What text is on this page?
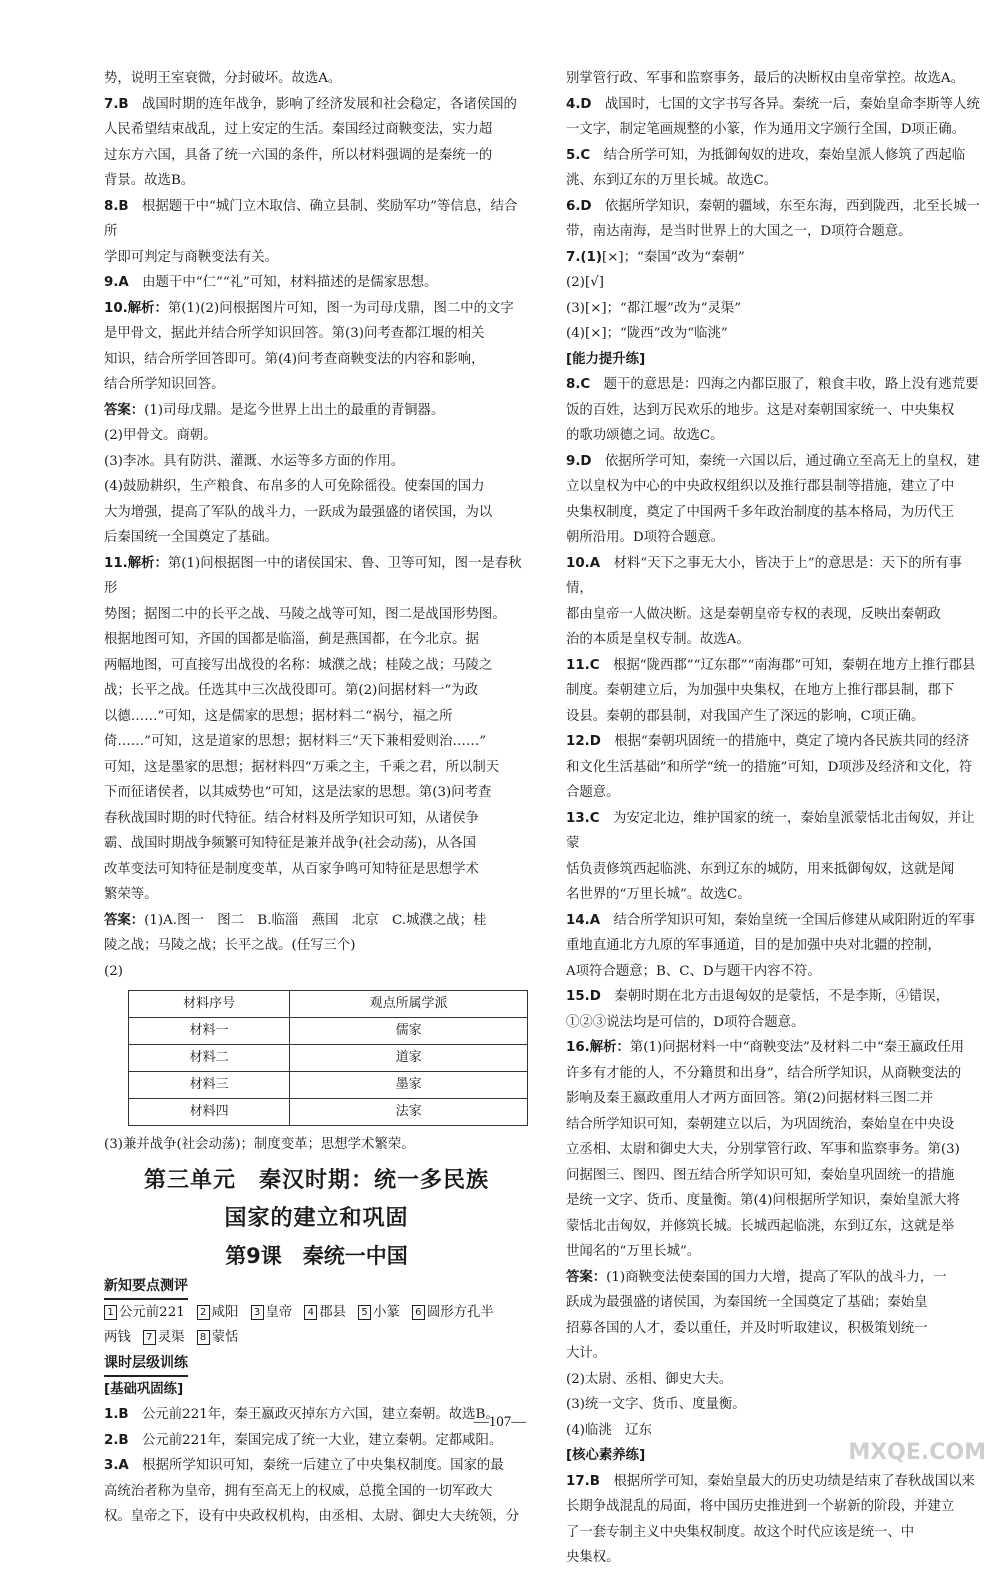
势，说明王室衰微，分封破坏。故选A。

7.B　战国时期的连年战争，影响了经济发展和社会稳定，各诸侯国的

人民希望结束战乱，过上安定的生活。秦国经过商鞅变法，实力超

过东方六国，具备了统一六国的条件，所以材料强调的是秦统一的

背景。故选B。

8.B　根据题干中“城门立木取信、确立县制、奖励军功”等信息，结合所

学即可判定与商鞅变法有关。

9.A　由题干中“仁”“礼”可知，材料描述的是儒家思想。

10.解析：第(1)(2)问根据图片可知，图一为司母戊鼎，图二中的文字

是甲骨文，据此并结合所学知识回答。第(3)问考查都江堰的相关

知识，结合所学回答即可。第(4)问考查商鞅变法的内容和影响，

结合所学知识回答。

答案：(1)司母戊鼎。是迄今世界上出土的最重的青铜器。

(2)甲骨文。商朝。

(3)李冰。具有防洪、灌溉、水运等多方面的作用。

(4)鼓励耕织，生产粮食、布帛多的人可免除徭役。使秦国的国力

大为增强，提高了军队的战斗力，一跃成为最强盛的诸侯国，为以

后秦国统一全国奠定了基础。

11.解析：第(1)问根据图一中的诸侯国宋、鲁、卫等可知，图一是春秋形

势图；据图二中的长平之战、马陵之战等可知，图二是战国形势图。

根据地图可知，齐国的国都是临淄，蓟是燕国都，在今北京。据

两幅地图，可直接写出战役的名称：城濮之战；桂陵之战；马陵之

战；长平之战。任选其中三次战役即可。第(2)问据材料一“为政

以德……”可知，这是儒家的思想；据材料二“祸兮，福之所

倚……”可知，这是道家的思想；据材料三“天下兼相爱则治……”

可知，这是墨家的思想；据材料四“万乘之主，千乘之君，所以制天

下而征诸侯者，以其威势也”可知，这是法家的思想。第(3)问考查

春秋战国时期的时代特征。结合材料及所学知识可知，从诸侯争

霸、战国时期战争频繁可知特征是兼并战争(社会动荡)，从各国

改革变法可知特征是制度变革，从百家争鸣可知特征是思想学术

繁荣等。

答案：(1)A.图一　图二　B.临淄　燕国　北京　C.城濮之战；桂

陵之战；马陵之战；长平之战。(任写三个)

(2)

材料序号	观点所属学派
材料一	儒家
材料二	道家
材料三	墨家
材料四	法家

(3)兼并战争(社会动荡)；制度变革；思想学术繁荣。

第三单元　秦汉时期：统一多民族
国家的建立和巩固
第9课　秦统一中国
新知要点测评
1 公元前221 2 咸阳 3 皇帝 4 郡县 5 小篆 6 圆形方孔半
两钱 7 灵渠 8 蒙恬
课时层级训练
[基础巩固练]

1.B　公元前221年，秦王嬴政灭掉东方六国，建立秦朝。故选B。

2.B　公元前221年，秦国完成了统一大业，建立秦朝。定都咸阳。

3.A　根据所学知识可知，秦统一后建立了中央集权制度。国家的最

高统治者称为皇帝，拥有至高无上的权威，总揽全国的一切军政大

权。皇帝之下，设有中央政权机构，由丞相、太尉、御史大夫统领，分

别掌管行政、军事和监察事务，最后的决断权由皇帝掌控。故选A。

4.D　战国时，七国的文字书写各异。秦统一后，秦始皇命李斯等人统

一文字，制定笔画规整的小篆，作为通用文字颁行全国，D项正确。

5.C　结合所学可知，为抵御匈奴的进攻，秦始皇派人修筑了西起临

洮、东到辽东的万里长城。故选C。

6.D　依据所学知识，秦朝的疆域，东至东海，西到陇西，北至长城一

带，南达南海，是当时世界上的大国之一，D项符合题意。

7.(1)[×]；“秦国”改为“秦朝”

(2)[√]

(3)[×]；“都江堰”改为“灵渠”

(4)[×]；“陇西”改为“临洮”

[能力提升练]

8.C　题干的意思是：四海之内都臣服了，粮食丰收，路上没有逃荒要

饭的百姓，达到万民欢乐的地步。这是对秦朝国家统一、中央集权

的歌功颂德之词。故选C。

9.D　依据所学可知，秦统一六国以后，通过确立至高无上的皇权，建

立以皇权为中心的中央政权组织以及推行郡县制等措施，建立了中

央集权制度，奠定了中国两千多年政治制度的基本格局，为历代王

朝所沿用。D项符合题意。

10.A　材料“天下之事无大小，皆决于上”的意思是：天下的所有事情，

都由皇帝一人做决断。这是秦朝皇帝专权的表现，反映出秦朝政

治的本质是皇权专制。故选A。

11.C　根据“陇西郡”“辽东郡”“南海郡”可知，秦朝在地方上推行郡县

制度。秦朝建立后，为加强中央集权，在地方上推行郡县制，郡下

设县。秦朝的郡县制，对我国产生了深远的影响，C项正确。

12.D　根据“秦朝巩固统一的措施中，奠定了境内各民族共同的经济

和文化生活基础”和所学“统一的措施”可知，D项涉及经济和文化，符

合题意。

13.C　为安定北边，维护国家的统一，秦始皇派蒙恬北击匈奴，并让蒙

恬负责修筑西起临洮、东到辽东的城防，用来抵御匈奴，这就是闻

名世界的“万里长城”。故选C。

14.A　结合所学知识可知，秦始皇统一全国后修建从咸阳附近的军事

重地直通北方九原的军事通道，目的是加强中央对北疆的控制，

A项符合题意；B、C、D与题干内容不符。

15.D　秦朝时期在北方击退匈奴的是蒙恬，不是李斯，④错误，

①②③说法均是可信的，D项符合题意。

16.解析：第(1)问据材料一中“商鞅变法”及材料二中“秦王嬴政任用

许多有才能的人，不分籍贯和出身”，结合所学知识，从商鞅变法的

影响及秦王嬴政重用人才两方面回答。第(2)问据材料三图二并

结合所学知识可知，秦朝建立以后，为巩固统治，秦始皇在中央设

立丞相、太尉和御史大夫，分别掌管行政、军事和监察事务。第(3)

问据图三、图四、图五结合所学知识可知，秦始皇巩固统一的措施

是统一文字、货币、度量衡。第(4)问根据所学知识，秦始皇派大将

蒙恬北击匈奴，并修筑长城。长城西起临洮，东到辽东，这就是举

世闻名的“万里长城”。

答案：(1)商鞅变法使秦国的国力大增，提高了军队的战斗力，一

跃成为最强盛的诸侯国，为秦国统一全国奠定了基础；秦始皇

招募各国的人才，委以重任，并及时听取建议，积极策划统一

大计。

(2)太尉、丞相、御史大夫。

(3)统一文字、货币、度量衡。

(4)临洮　辽东

[核心素养练]

17.B　根据所学可知，秦始皇最大的历史功绩是结束了春秋战国以来

长期争战混乱的局面，将中国历史推进到一个崭新的阶段，并建立

了一套专制主义中央集权制度。故这个时代应该是统一、中

央集权。

—107—
MXQE.COM
